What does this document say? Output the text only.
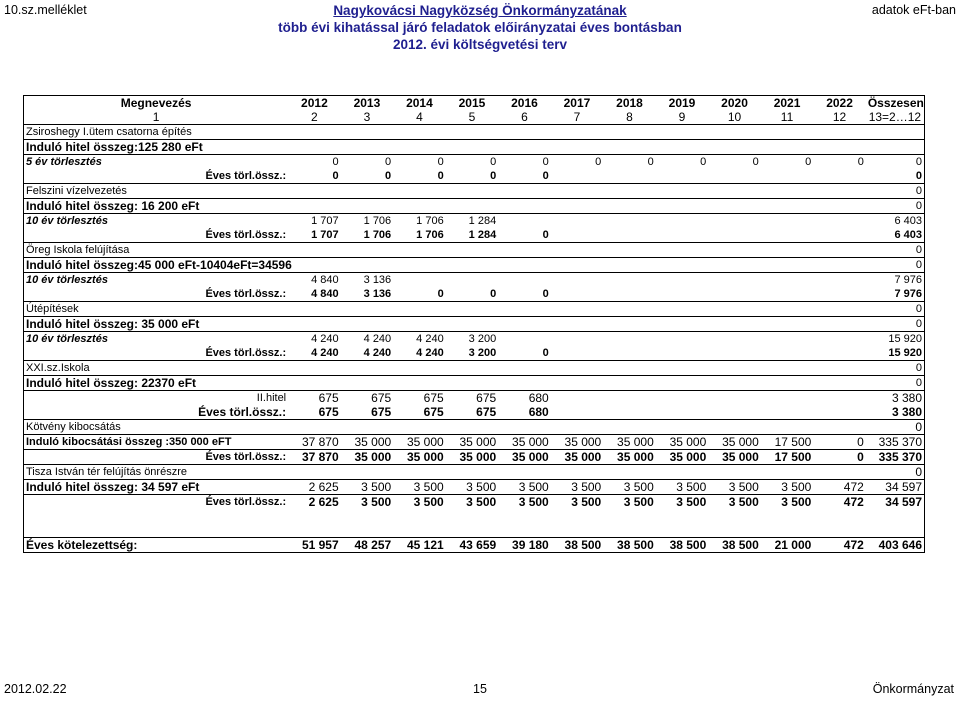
10.sz.melléklet	adatok eFt-ban
Nagykovácsi Nagyközség Önkormányzatának
több évi kihatással járó feladatok előirányzatai éves bontásban
2012. évi költségvetési terv
Megnevezés	2012	2013	2014	2015	2016	2017	2018	2019	2020	2021	2022	Összesen
1	2	3	4	5	6	7	8	9	10	11	12	13=2…12
Zsiroshegy I.ütem csatorna építés												
Induló hitel összeg:125 280 eFt												
5 év törlesztés	0	0	0	0	0	0	0	0	0	0	0	0
Éves törl.össz.:	0	0	0	0	0							0
Felszini vízelvezetés												0
Induló hitel összeg: 16 200 eFt												0
10 év törlesztés	1 707	1 706	1 706	1 284								6 403
Éves törl.össz.:	1 707	1 706	1 706	1 284	0							6 403
Öreg Iskola felújítása												0
Induló hitel összeg:45 000 eFt-10404eFt=34596												0
10 év törlesztés	4 840	3 136										7 976
Éves törl.össz.:	4 840	3 136	0	0	0							7 976
Útépítések												0
Induló hitel összeg: 35 000 eFt												0
10 év törlesztés	4 240	4 240	4 240	3 200								15 920
Éves törl.össz.:	4 240	4 240	4 240	3 200	0							15 920
XXI.sz.Iskola												0
Induló hitel összeg: 22370 eFt												0
II.hitel	675	675	675	675	680							3 380
Éves törl.össz.:	675	675	675	675	680							3 380
Kötvény kibocsátás												0
Induló kibocsátási összeg :350 000 eFT	37 870	35 000	35 000	35 000	35 000	35 000	35 000	35 000	35 000	17 500	0	335 370
Éves törl.össz.:	37 870	35 000	35 000	35 000	35 000	35 000	35 000	35 000	35 000	17 500	0	335 370
Tisza István tér felújítás önrészre												0
Induló hitel összeg: 34 597 eFt	2 625	3 500	3 500	3 500	3 500	3 500	3 500	3 500	3 500	3 500	472	34 597
Éves törl.össz.:	2 625	3 500	3 500	3 500	3 500	3 500	3 500	3 500	3 500	3 500	472	34 597

Éves kötelezettség:	51 957	48 257	45 121	43 659	39 180	38 500	38 500	38 500	38 500	21 000	472	403 646
2012.02.22	15	Önkormányzat
